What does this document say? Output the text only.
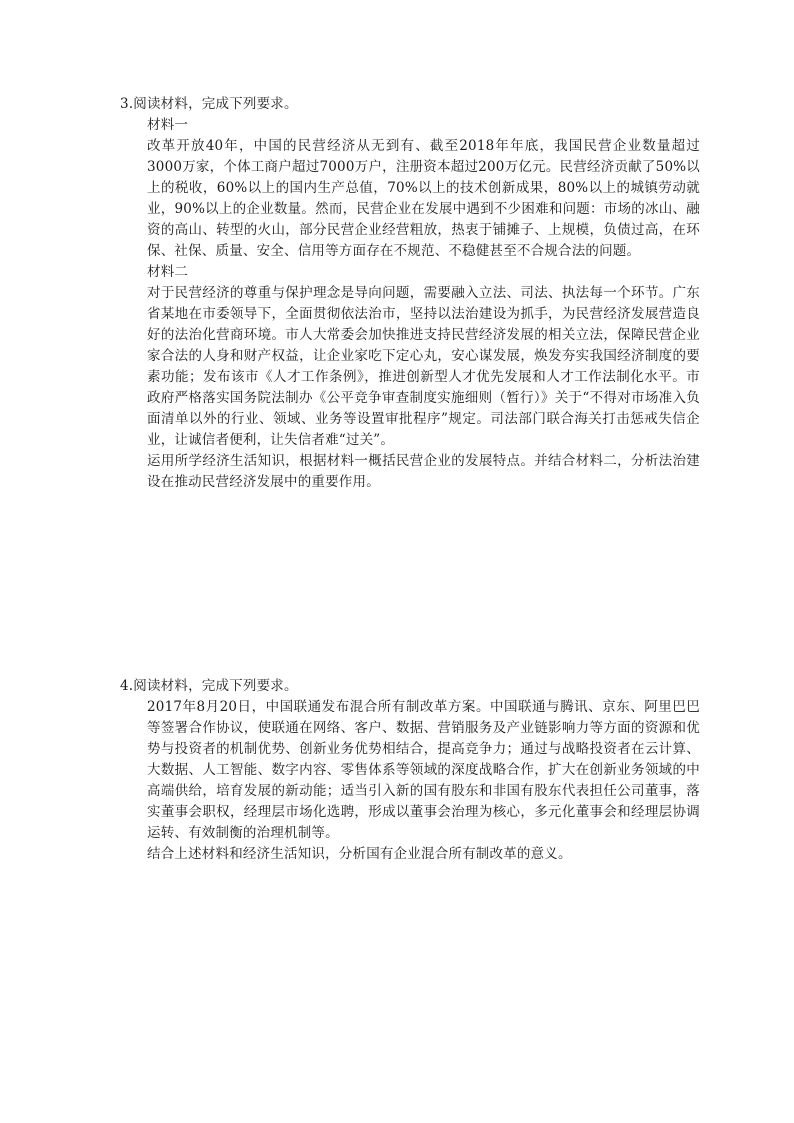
3.阅读材料，完成下列要求。

材料一

改革开放40年，中国的民营经济从无到有、截至2018年年底，我国民营企业数量超过3000万家，个体工商户超过7000万户，注册资本超过200万亿元。民营经济贡献了50%以上的税收，60%以上的国内生产总值，70%以上的技术创新成果，80%以上的城镇劳动就业，90%以上的企业数量。然而，民营企业在发展中遇到不少困难和问题：市场的冰山、融资的高山、转型的火山，部分民营企业经营粗放，热衷于铺摊子、上规模，负债过高，在环保、社保、质量、安全、信用等方面存在不规范、不稳健甚至不合规合法的问题。

材料二

对于民营经济的尊重与保护理念是导向问题，需要融入立法、司法、执法每一个环节。广东省某地在市委领导下，全面贯彻依法治市，坚持以法治建设为抓手，为民营经济发展营造良好的法治化营商环境。市人大常委会加快推进支持民营经济发展的相关立法，保障民营企业家合法的人身和财产权益，让企业家吃下定心丸，安心谋发展，焕发夯实我国经济制度的要素功能；发布该市《人才工作条例》，推进创新型人才优先发展和人才工作法制化水平。市政府严格落实国务院法制办《公平竞争审查制度实施细则（暂行）》关于“不得对市场准入负面清单以外的行业、领域、业务等设置审批程序”规定。司法部门联合海关打击惩戒失信企业，让诚信者便利，让失信者难“过关”。

运用所学经济生活知识，根据材料一概括民营企业的发展特点。并结合材料二，分析法治建设在推动民营经济发展中的重要作用。

4.阅读材料，完成下列要求。

2017年8月20日，中国联通发布混合所有制改革方案。中国联通与腾讯、京东、阿里巴巴等签署合作协议，使联通在网络、客户、数据、营销服务及产业链影响力等方面的资源和优势与投资者的机制优势、创新业务优势相结合，提高竞争力；通过与战略投资者在云计算、大数据、人工智能、数字内容、零售体系等领域的深度战略合作，扩大在创新业务领域的中高端供给，培育发展的新动能；适当引入新的国有股东和非国有股东代表担任公司董事，落实董事会职权，经理层市场化选聘，形成以董事会治理为核心，多元化董事会和经理层协调运转、有效制衡的治理机制等。

结合上述材料和经济生活知识，分析国有企业混合所有制改革的意义。
